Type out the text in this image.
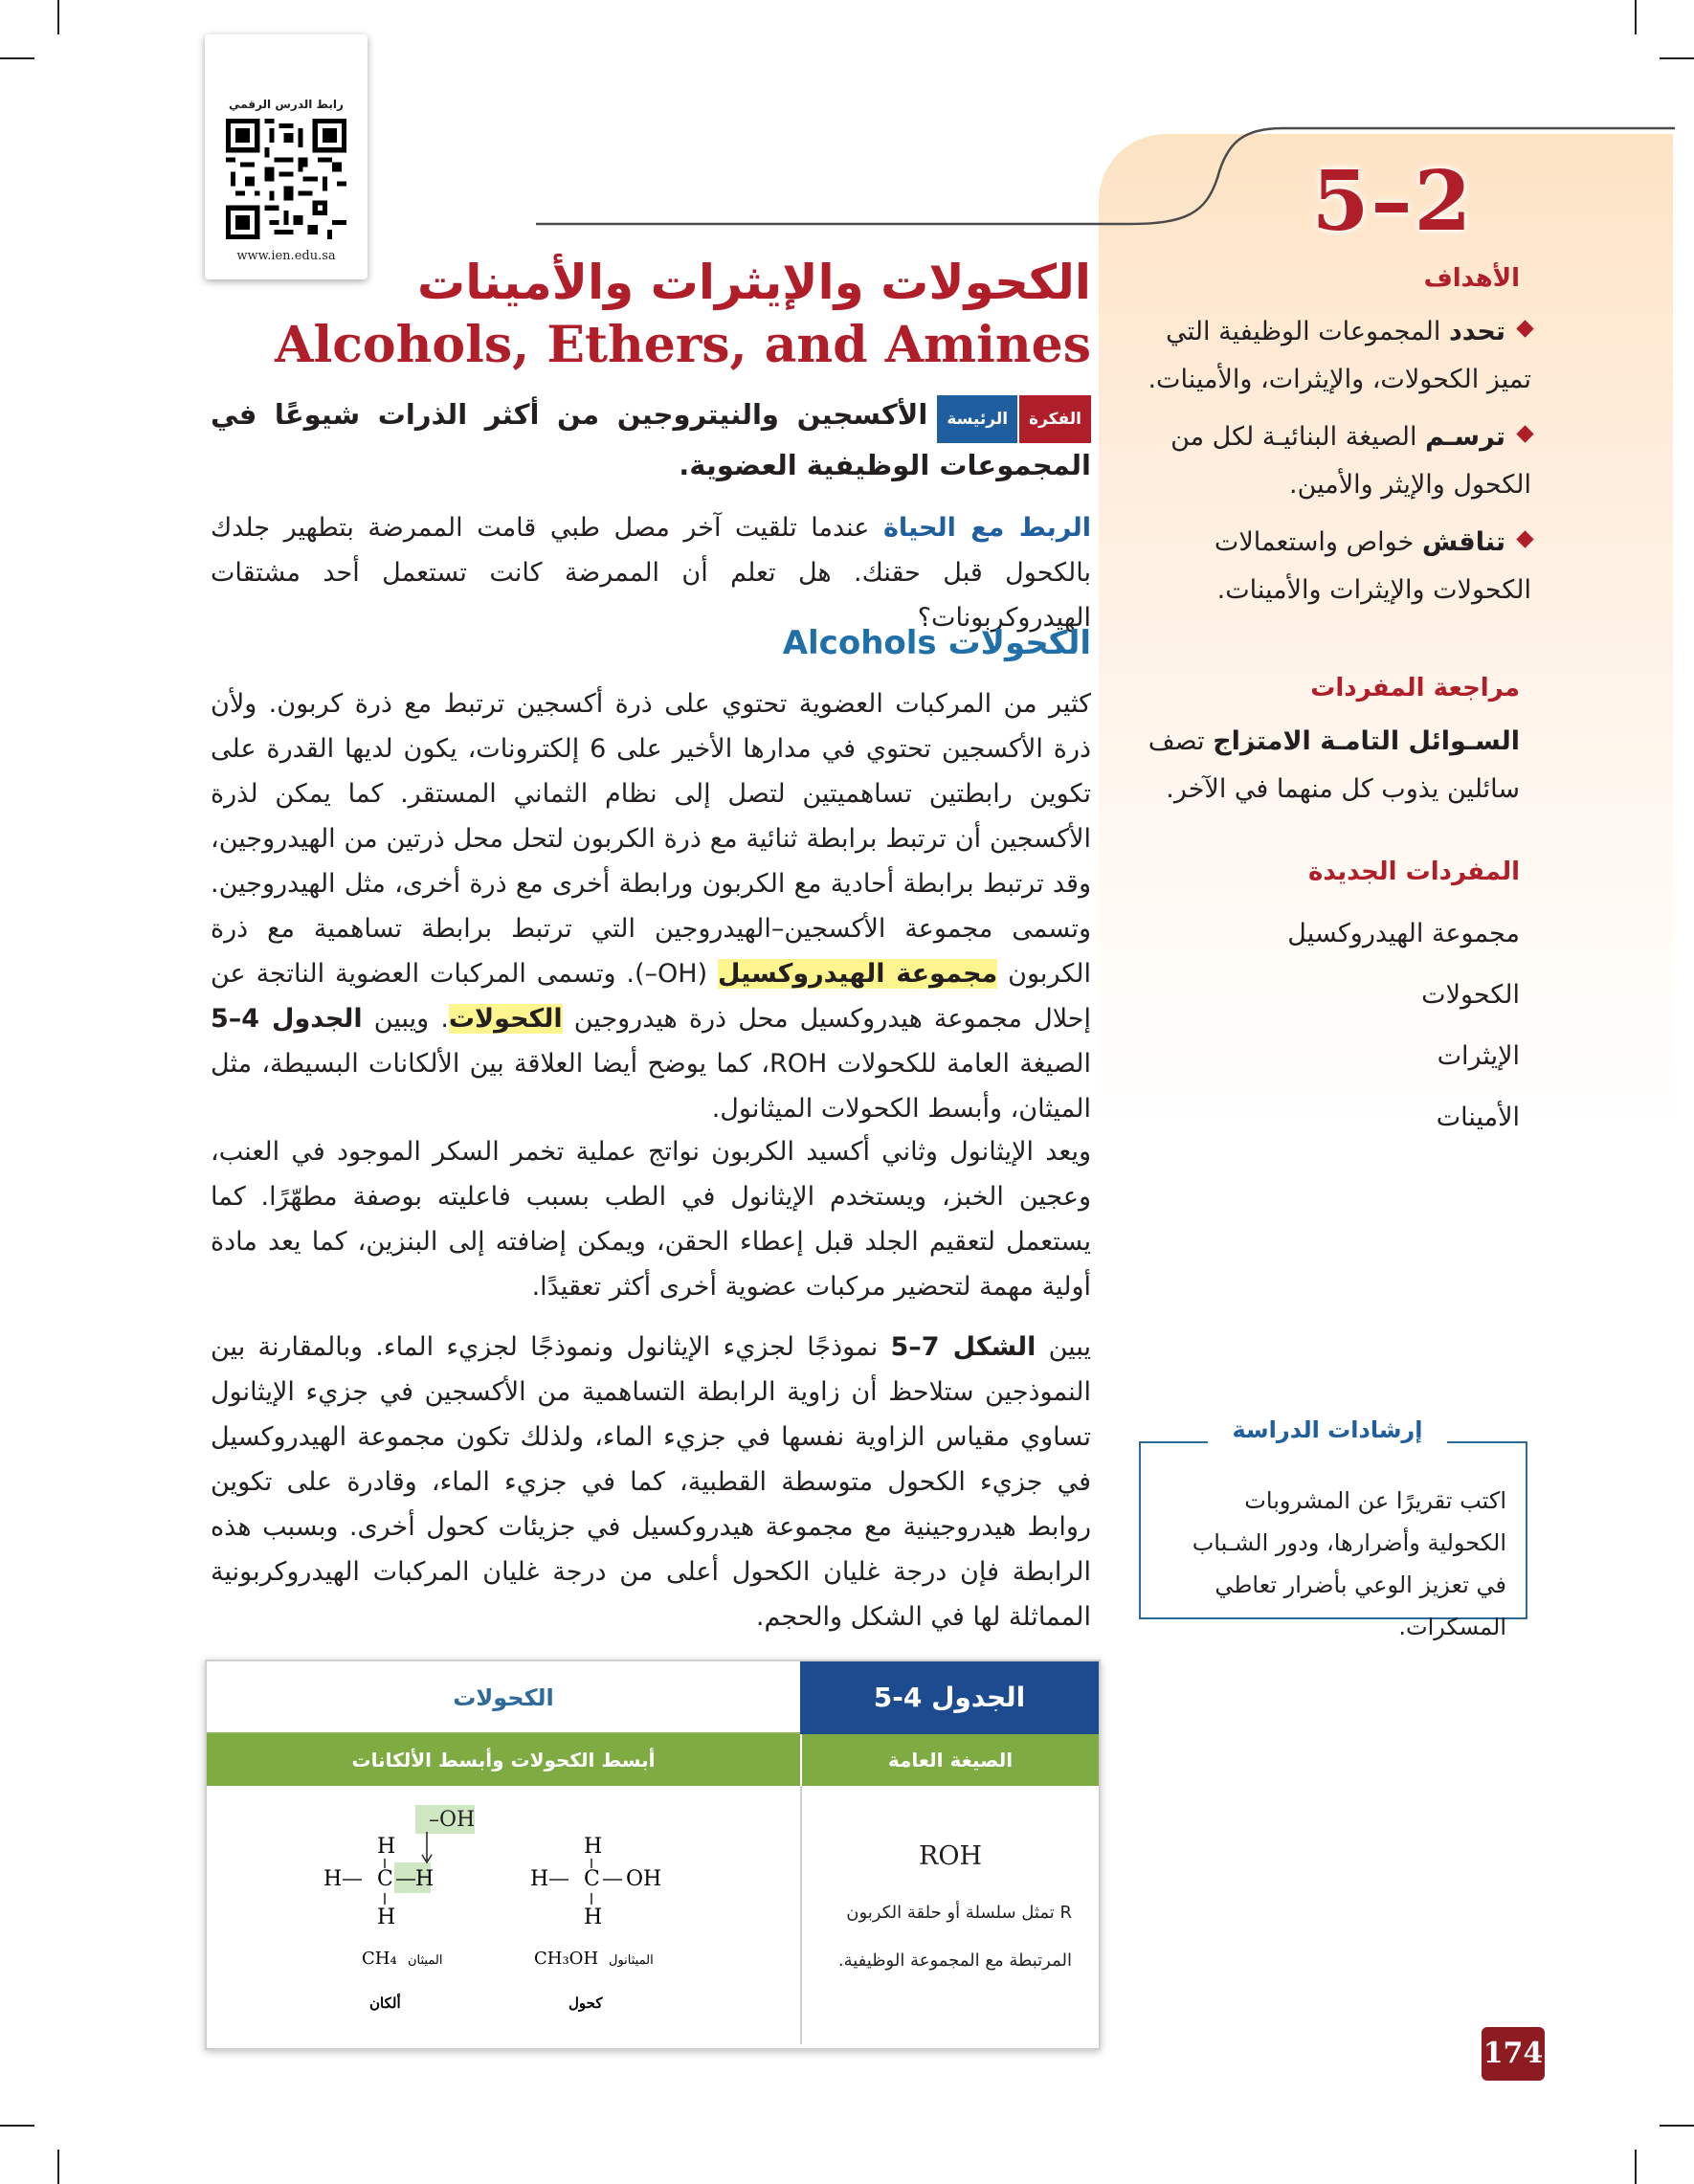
رابط الدرس الرقمي
www.ien.edu.sa
5–2
الأهداف
تحدد المجموعات الوظيفية التي تميز الكحولات، والإيثرات، والأمينات.
ترسـم الصيغة البنائيـة لكل من الكحول والإيثر والأمين.
تناقش خواص واستعمالات الكحولات والإيثرات والأمينات.
مراجعة المفردات
السـوائل التامـة الامتزاج تصف سائلين يذوب كل منهما في الآخر.
المفردات الجديدة
مجموعة الهيدروكسيل
الكحولات
الإيثرات
الأمينات
الكحولات والإيثرات والأمينات
Alcohols, Ethers, and Amines
الفكرةالرئيسةالأكسجين والنيتروجين من أكثر الذرات شيوعًا في المجموعات الوظيفية العضوية.
الربط مع الحياة عندما تلقيت آخر مصل طبي قامت الممرضة بتطهير جلدك بالكحول قبل حقنك. هل تعلم أن الممرضة كانت تستعمل أحد مشتقات الهيدروكربونات؟
الكحولات Alcohols
كثير من المركبات العضوية تحتوي على ذرة أكسجين ترتبط مع ذرة كربون. ولأن ذرة الأكسجين تحتوي في مدارها الأخير على 6 إلكترونات، يكون لديها القدرة على تكوين رابطتين تساهميتين لتصل إلى نظام الثماني المستقر. كما يمكن لذرة الأكسجين أن ترتبط برابطة ثنائية مع ذرة الكربون لتحل محل ذرتين من الهيدروجين، وقد ترتبط برابطة أحادية مع الكربون ورابطة أخرى مع ذرة أخرى، مثل الهيدروجين. وتسمى مجموعة الأكسجين–الهيدروجين التي ترتبط برابطة تساهمية مع ذرة الكربون مجموعة الهيدروكسيل (OH–). وتسمى المركبات العضوية الناتجة عن إحلال مجموعة هيدروكسيل محل ذرة هيدروجين الكحولات. ويبين الجدول 4–5 الصيغة العامة للكحولات ROH، كما يوضح أيضا العلاقة بين الألكانات البسيطة، مثل الميثان، وأبسط الكحولات الميثانول.
ويعد الإيثانول وثاني أكسيد الكربون نواتج عملية تخمر السكر الموجود في العنب، وعجين الخبز، ويستخدم الإيثانول في الطب بسبب فاعليته بوصفة مطهّرًا. كما يستعمل لتعقيم الجلد قبل إعطاء الحقن، ويمكن إضافته إلى البنزين، كما يعد مادة أولية مهمة لتحضير مركبات عضوية أخرى أكثر تعقيدًا.
يبين الشكل 7–5 نموذجًا لجزيء الإيثانول ونموذجًا لجزيء الماء. وبالمقارنة بين النموذجين ستلاحظ أن زاوية الرابطة التساهمية من الأكسجين في جزيء الإيثانول تساوي مقياس الزاوية نفسها في جزيء الماء، ولذلك تكون مجموعة الهيدروكسيل في جزيء الكحول متوسطة القطبية، كما في جزيء الماء، وقادرة على تكوين روابط هيدروجينية مع مجموعة هيدروكسيل في جزيئات كحول أخرى. وبسبب هذه الرابطة فإن درجة غليان الكحول أعلى من درجة غليان المركبات الهيدروكربونية المماثلة لها في الشكل والحجم.
اكتب تقريرًا عن المشروبات الكحولية وأضرارها، ودور الشـباب في تعزيز الوعي بأضرار تعاطي المسكرات.
إرشادات الدراسة
الجدول 4-5
الكحولات
الصيغة العامة
أبسط الكحولات وأبسط الألكانات
ROH
R تمثل سلسلة أو حلقة الكربون
المرتبطة مع المجموعة الوظيفية.
–OH
H
H C H
H
CH₄ الميثان
ألكان
H
H C OH
H
CH₃OH الميثانول
كحول
174
